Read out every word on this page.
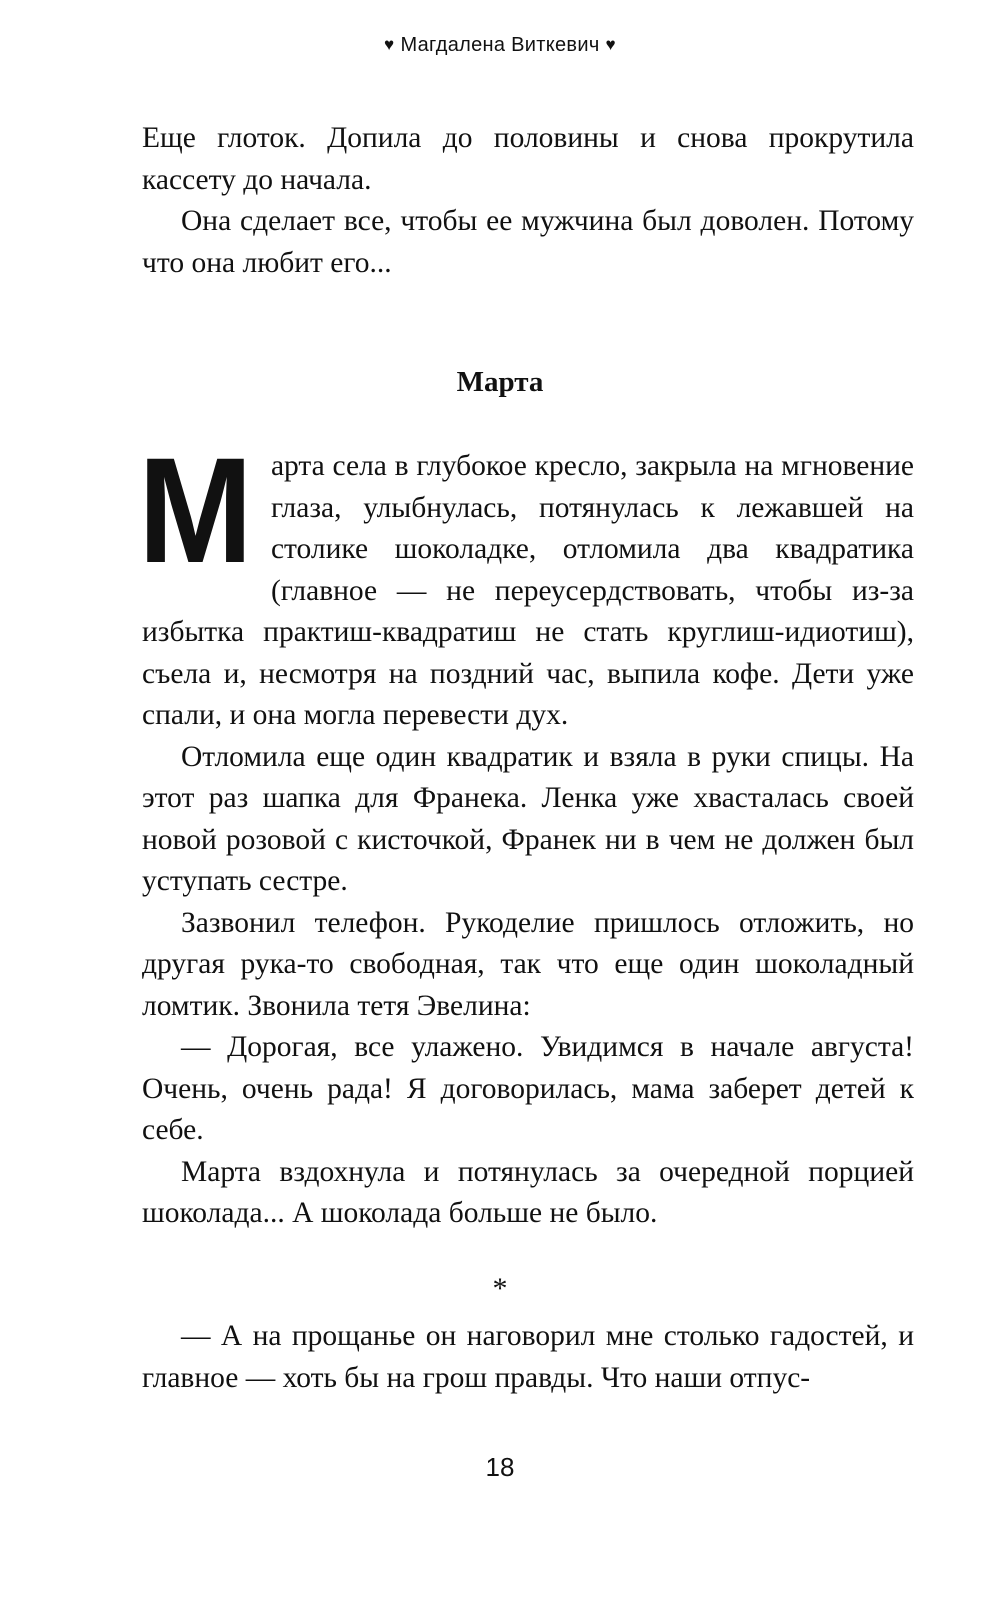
♥ Магдалена Виткевич ♥

Еще глоток. Допила до половины и снова прокрутила кассету до начала.

Она сделает все, чтобы ее мужчина был доволен. Потому что она любит его...

Марта

Марта села в глубокое кресло, закрыла на мгновение глаза, улыбнулась, потянулась к лежавшей на столике шоколадке, отломила два квадратика (главное — не переусердствовать, чтобы из-за избытка практиш-квадратиш не стать круглиш-идиотиш), съела и, несмотря на поздний час, выпила кофе. Дети уже спали, и она могла перевести дух.

Отломила еще один квадратик и взяла в руки спицы. На этот раз шапка для Франека. Ленка уже хвасталась своей новой розовой с кисточкой, Франек ни в чем не должен был уступать сестре.

Зазвонил телефон. Рукоделие пришлось отложить, но другая рука-то свободная, так что еще один шоколадный ломтик. Звонила тетя Эвелина:

— Дорогая, все улажено. Увидимся в начале августа! Очень, очень рада! Я договорилась, мама заберет детей к себе.

Марта вздохнула и потянулась за очередной порцией шоколада... А шоколада больше не было.

*

— А на прощанье он наговорил мне столько гадостей, и главное — хоть бы на грош правды. Что наши отпус-

18
